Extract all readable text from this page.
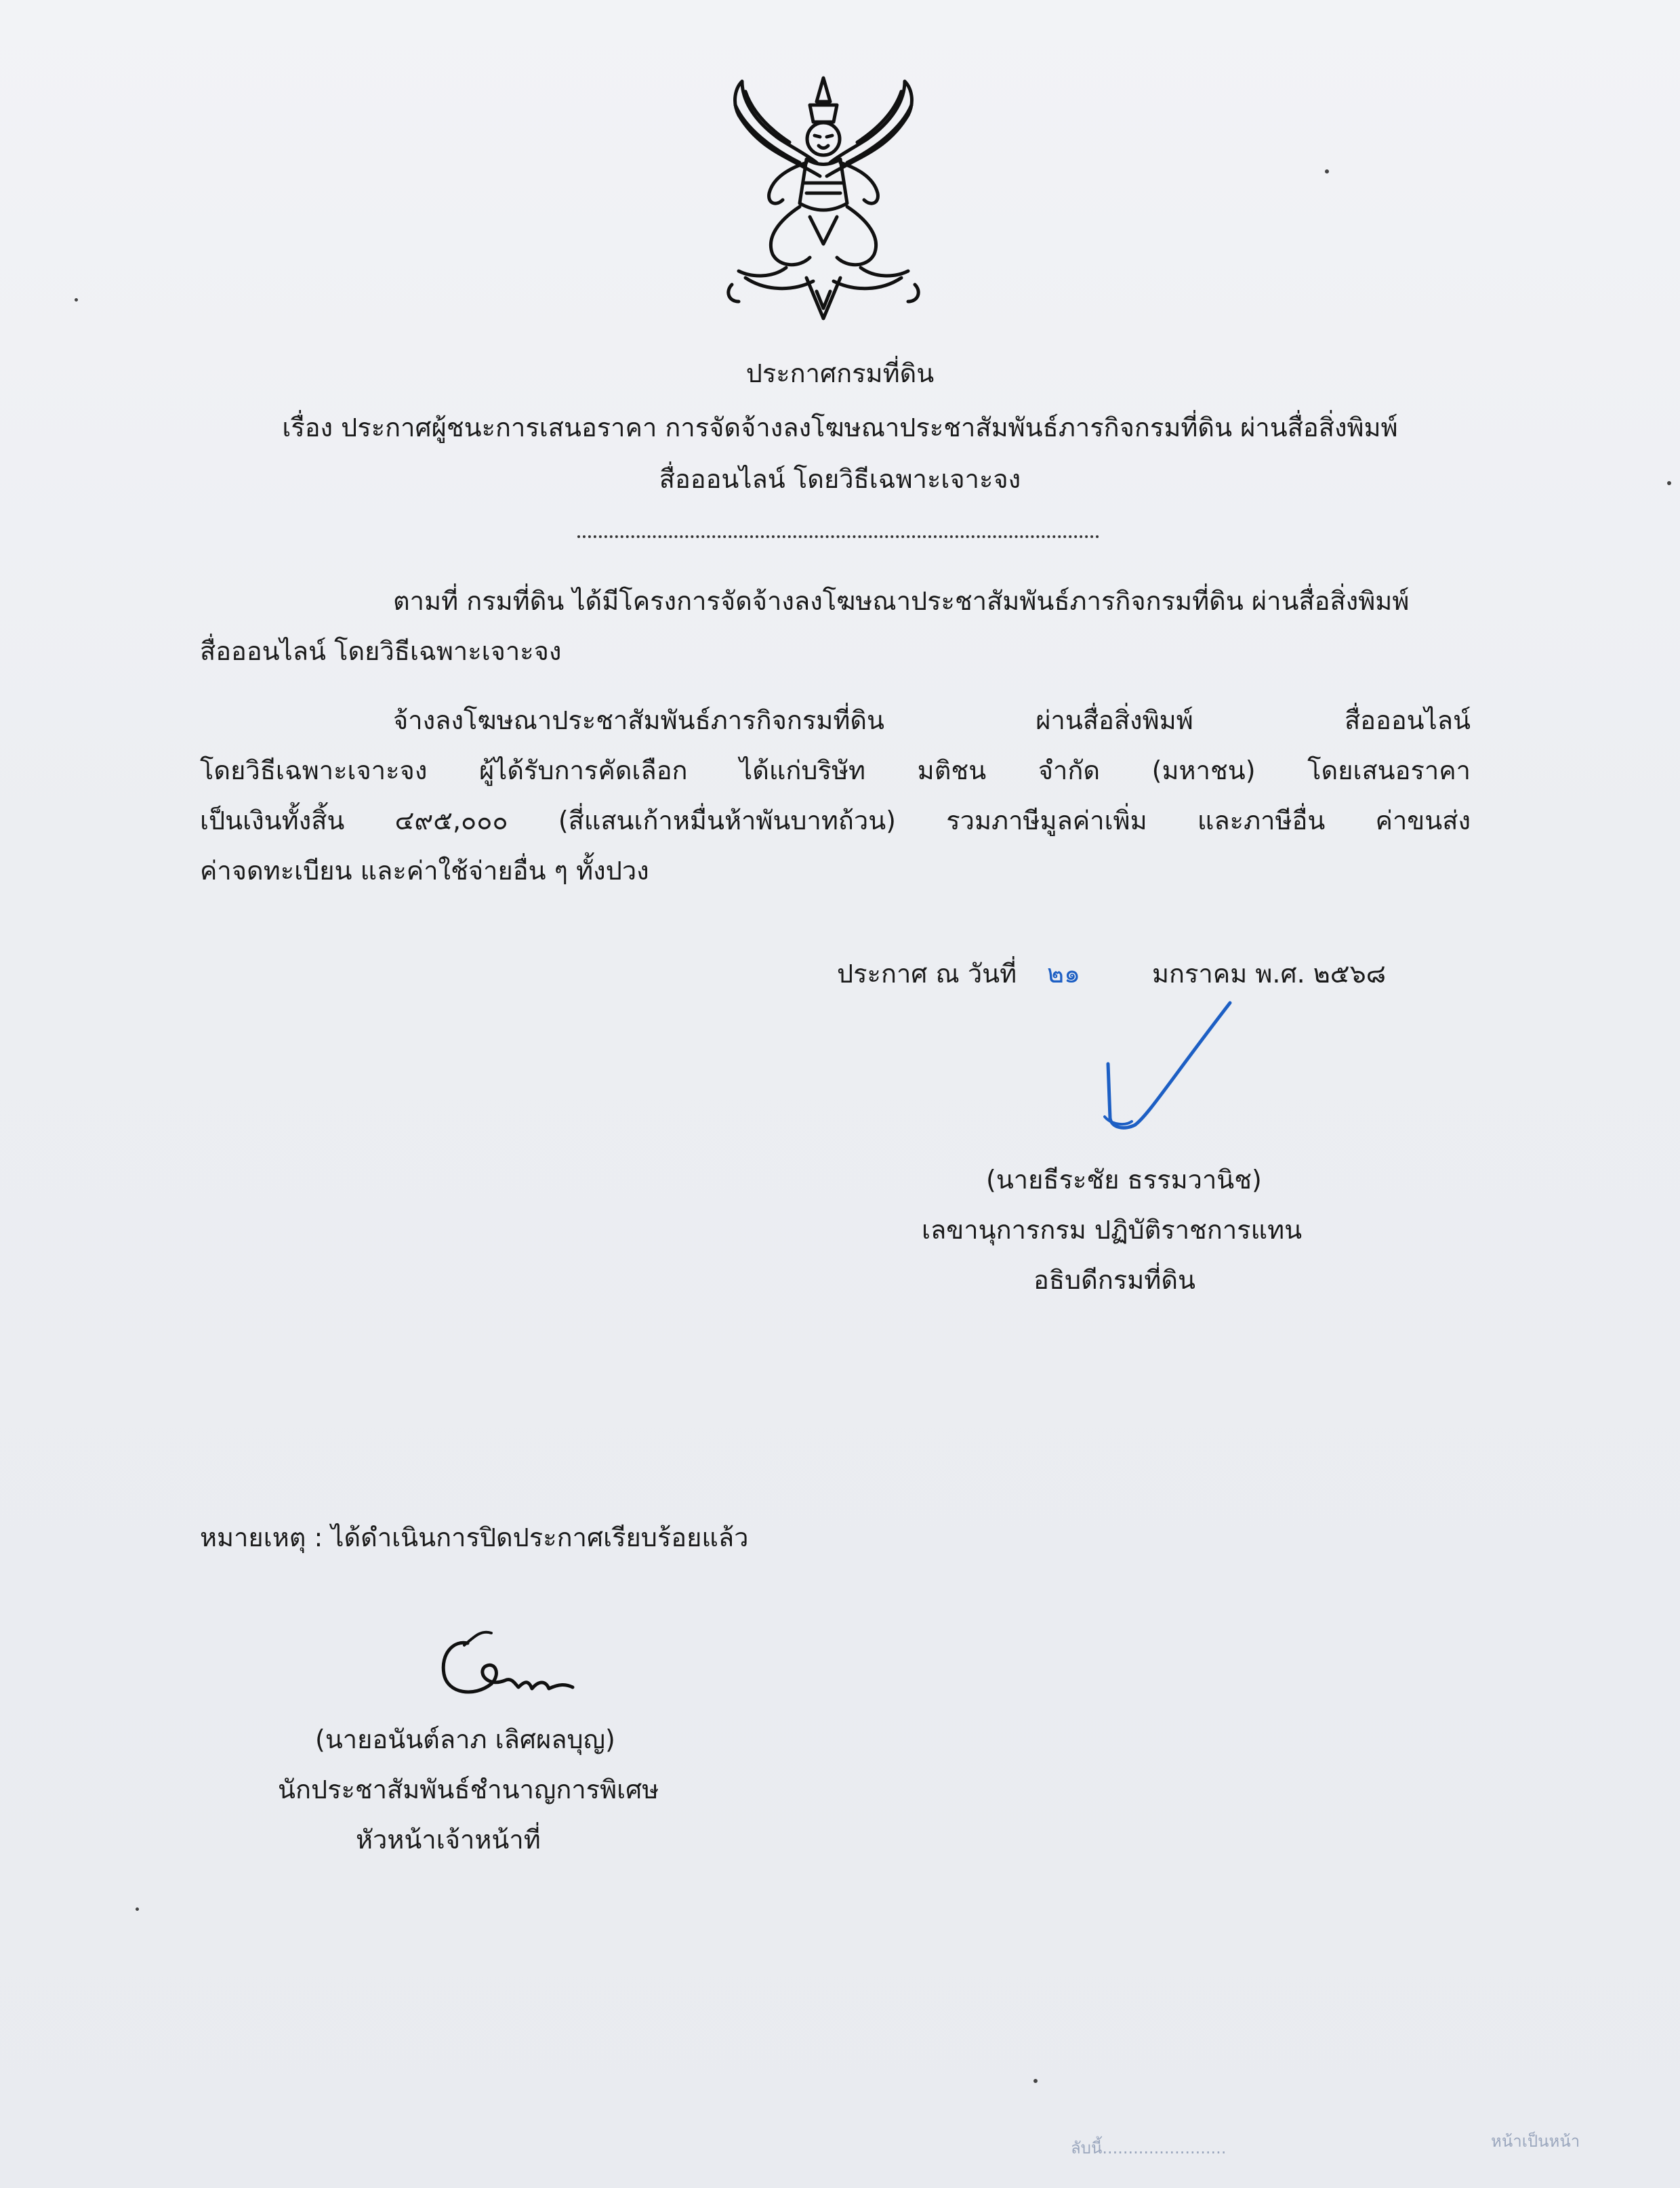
ประกาศกรมที่ดิน
เรื่อง ประกาศผู้ชนะการเสนอราคา การจัดจ้างลงโฆษณาประชาสัมพันธ์ภารกิจกรมที่ดิน ผ่านสื่อสิ่งพิมพ์
สื่อออนไลน์ โดยวิธีเฉพาะเจาะจง
ตามที่ กรมที่ดิน ได้มีโครงการจัดจ้างลงโฆษณาประชาสัมพันธ์ภารกิจกรมที่ดิน ผ่านสื่อสิ่งพิมพ์
สื่อออนไลน์ โดยวิธีเฉพาะเจาะจง
จ้างลงโฆษณาประชาสัมพันธ์ภารกิจกรมที่ดิน ผ่านสื่อสิ่งพิมพ์ สื่อออนไลน์
โดยวิธีเฉพาะเจาะจง ผู้ได้รับการคัดเลือก ได้แก่บริษัท มติชน จำกัด (มหาชน) โดยเสนอราคา
เป็นเงินทั้งสิ้น ๔๙๕,๐๐๐ (สี่แสนเก้าหมื่นห้าพันบาทถ้วน) รวมภาษีมูลค่าเพิ่ม และภาษีอื่น ค่าขนส่ง
ค่าจดทะเบียน และค่าใช้จ่ายอื่น ๆ ทั้งปวง
ประกาศ ณ วันที่ ๒๑	มกราคม พ.ศ. ๒๕๖๘
(นายธีระชัย ธรรมวานิช)
เลขานุการกรม ปฏิบัติราชการแทน
อธิบดีกรมที่ดิน
หมายเหตุ : ได้ดำเนินการปิดประกาศเรียบร้อยแล้ว
(นายอนันต์ลาภ เลิศผลบุญ)
นักประชาสัมพันธ์ชำนาญการพิเศษ
หัวหน้าเจ้าหน้าที่
ลับนี้........................	หน้าเป็นหน้า
